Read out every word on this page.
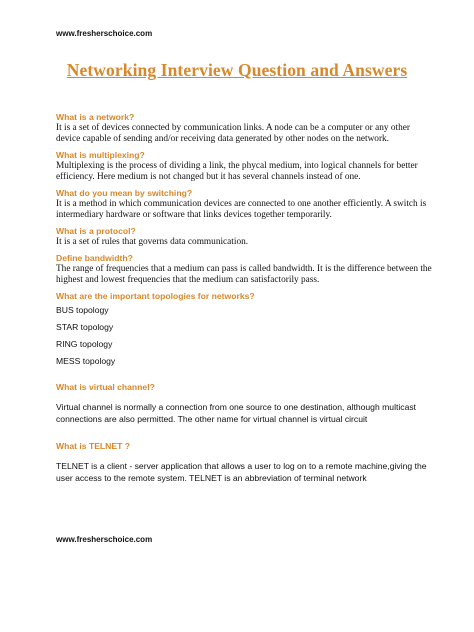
www.fresherschoice.com
Networking Interview Question and Answers
What is a network?
It is a set of devices connected by communication links. A node can be a computer or any other device capable of sending and/or receiving data generated by other nodes on the network.
What is multiplexing?
Multiplexing is the process of dividing a link, the phycal medium, into logical channels for better efficiency. Here medium is not changed but it has several channels instead of one.
What do you mean by switching?
It is a method in which communication devices are connected to one another efficiently. A switch is intermediary hardware or software that links devices together temporarily.
What is a protocol?
It is a set of rules that governs data communication.
Define bandwidth?
The range of frequencies that a medium can pass is called bandwidth. It is the difference between the highest and lowest frequencies that the medium can satisfactorily pass.
What are the important topologies for networks?
BUS topology
STAR topology
RING topology
MESS topology
What is virtual channel?
Virtual channel is normally a connection from one source to one destination, although multicast connections are also permitted. The other name for virtual channel is virtual circuit
What is TELNET ?
TELNET is a client - server application that allows a user to log on to a remote machine,giving the user access to the remote system. TELNET is an abbreviation of terminal network
www.fresherschoice.com
